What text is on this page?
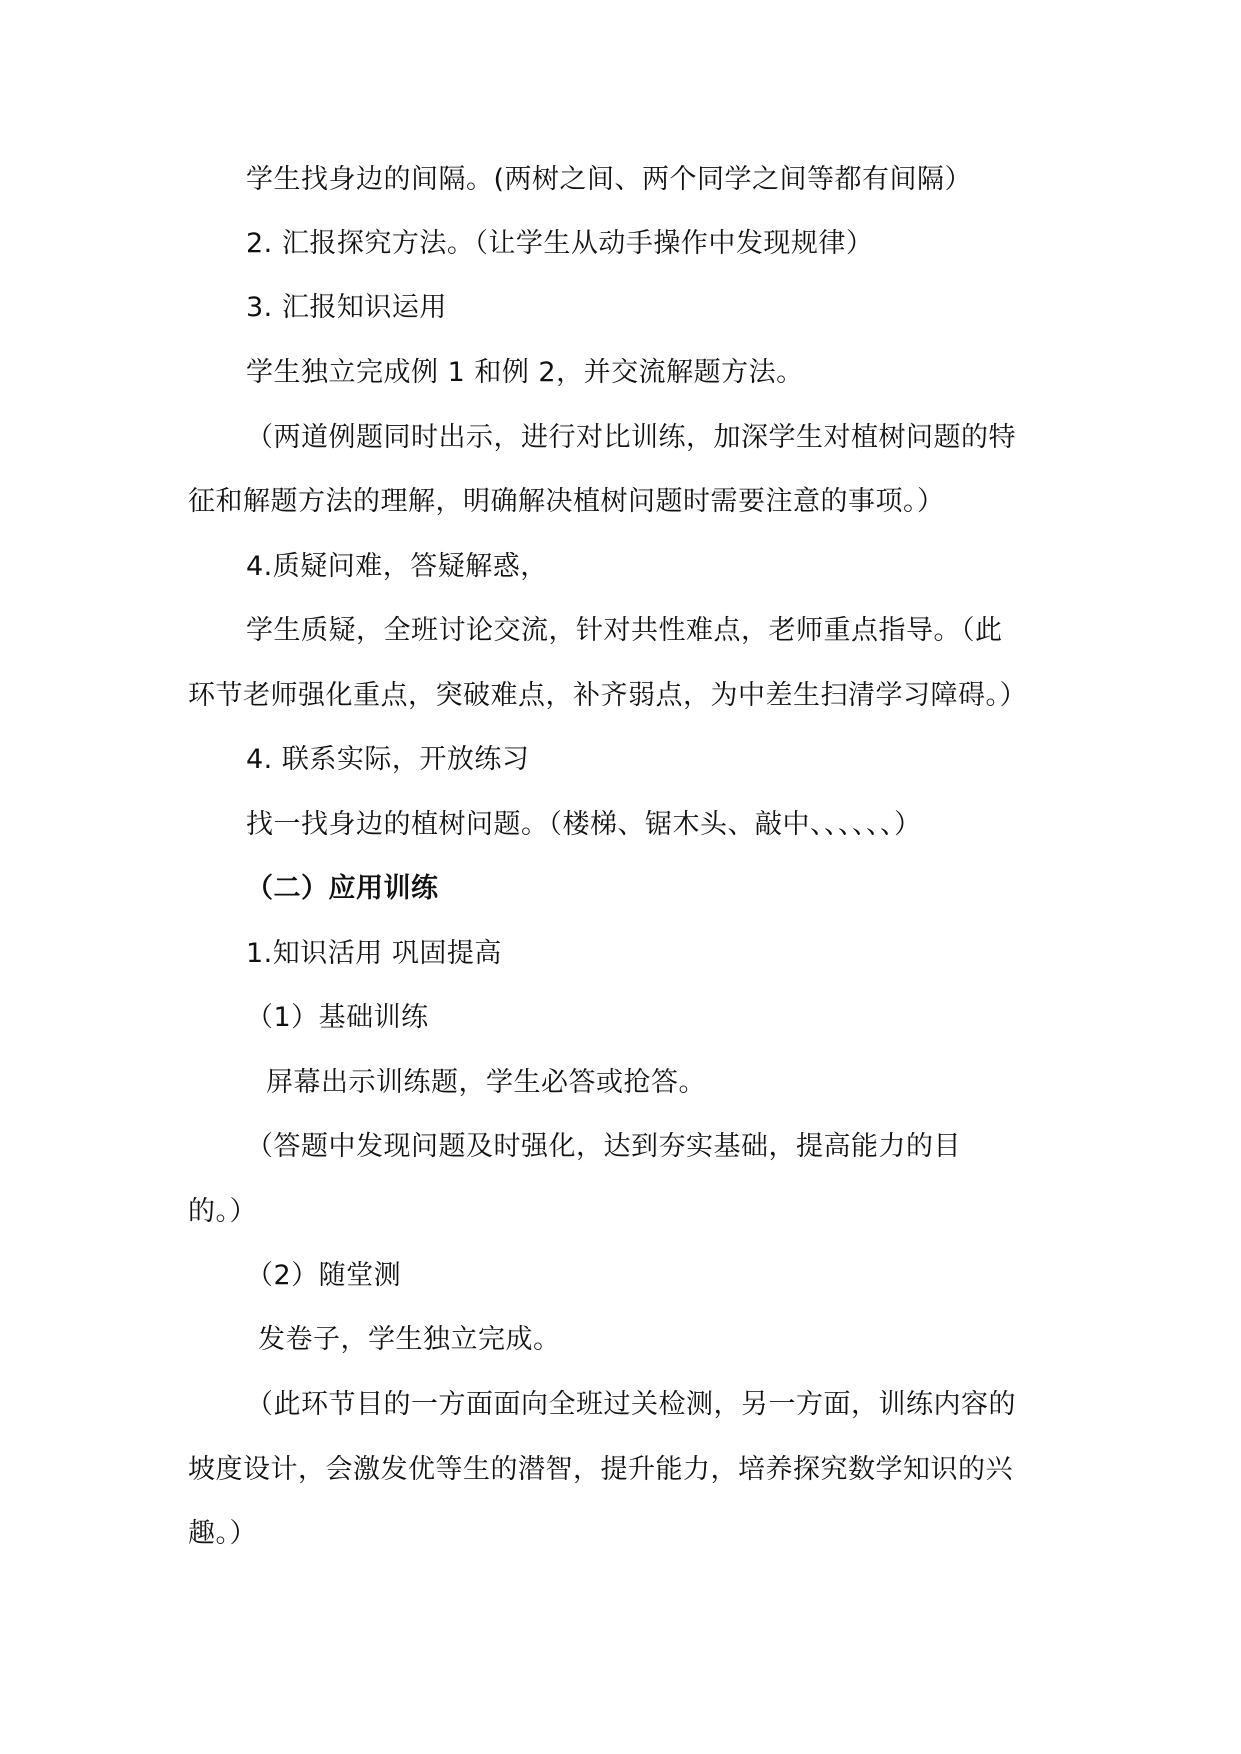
学生找身边的间隔。(两树之间、两个同学之间等都有间隔）
2. 汇报探究方法。（让学生从动手操作中发现规律）
3. 汇报知识运用
学生独立完成例 1 和例 2，并交流解题方法。
（两道例题同时出示，进行对比训练，加深学生对植树问题的特
征和解题方法的理解，明确解决植树问题时需要注意的事项。）
4.质疑问难，答疑解惑，
学生质疑，全班讨论交流，针对共性难点，老师重点指导。（此
环节老师强化重点，突破难点，补齐弱点，为中差生扫清学习障碍。）
4. 联系实际，开放练习
找一找身边的植树问题。（楼梯、锯木头、敲中、、、、、、）
（二）应用训练
1.知识活用 巩固提高
（1）基础训练
屏幕出示训练题，学生必答或抢答。
（答题中发现问题及时强化，达到夯实基础，提高能力的目
的。）
（2）随堂测
发卷子，学生独立完成。
（此环节目的一方面面向全班过关检测，另一方面，训练内容的
坡度设计，会激发优等生的潜智，提升能力，培养探究数学知识的兴
趣。）
